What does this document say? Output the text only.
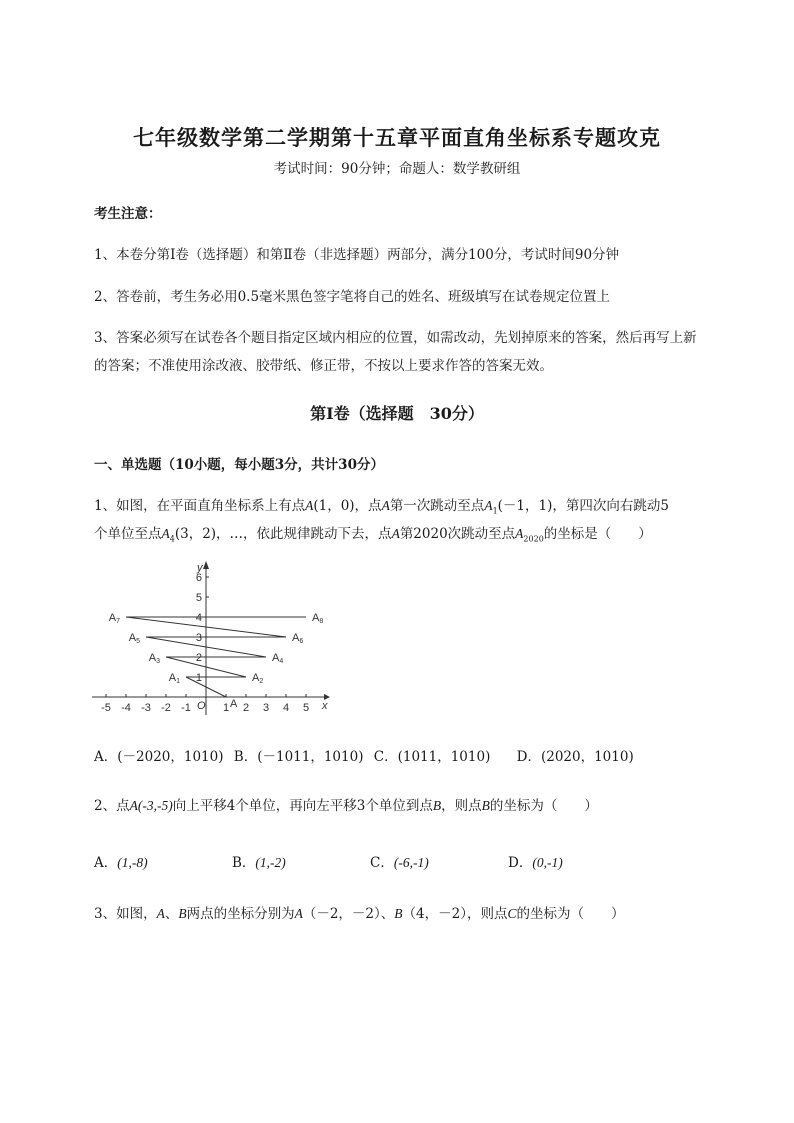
七年级数学第二学期第十五章平面直角坐标系专题攻克
考试时间：90分钟；命题人：数学教研组
考生注意：
1、本卷分第Ⅰ卷（选择题）和第Ⅱ卷（非选择题）两部分，满分100分，考试时间90分钟
2、答卷前，考生务必用0.5毫米黑色签字笔将自己的姓名、班级填写在试卷规定位置上
3、答案必须写在试卷各个题目指定区域内相应的位置，如需改动，先划掉原来的答案，然后再写上新
的答案；不准使用涂改液、胶带纸、修正带，不按以上要求作答的答案无效。
第Ⅰ卷（选择题　30分）
一、单选题（10小题，每小题3分，共计30分）
1、如图，在平面直角坐标系上有点A(1，0)，点A第一次跳动至点$A_1(-1$，1)，第四次向右跳动5
个单位至点$A_4(3$，2)，…，依此规律跳动下去，点A第2020次跳动至点$A_{2020}$的坐标是（　　）
x
y
O
-5 -4 -3 -2 -1	1 2 3 4 5
1
2
3
4
5
6
A
A1	A2
A3	A4
A5	A6
A7	A8
A．(－2020，1010) B．(－1011，1010) C．(1011，1010) D．(2020，1010)
2、点A(-3,-5)向上平移4个单位，再向左平移3个单位到点B，则点B的坐标为（　　）
A．(1,-8)	B．(1,-2)	C．(-6,-1)	D．(0,-1)
3、如图，A、B两点的坐标分别为A（－2，－2）、B（4，－2），则点C的坐标为（　　）
